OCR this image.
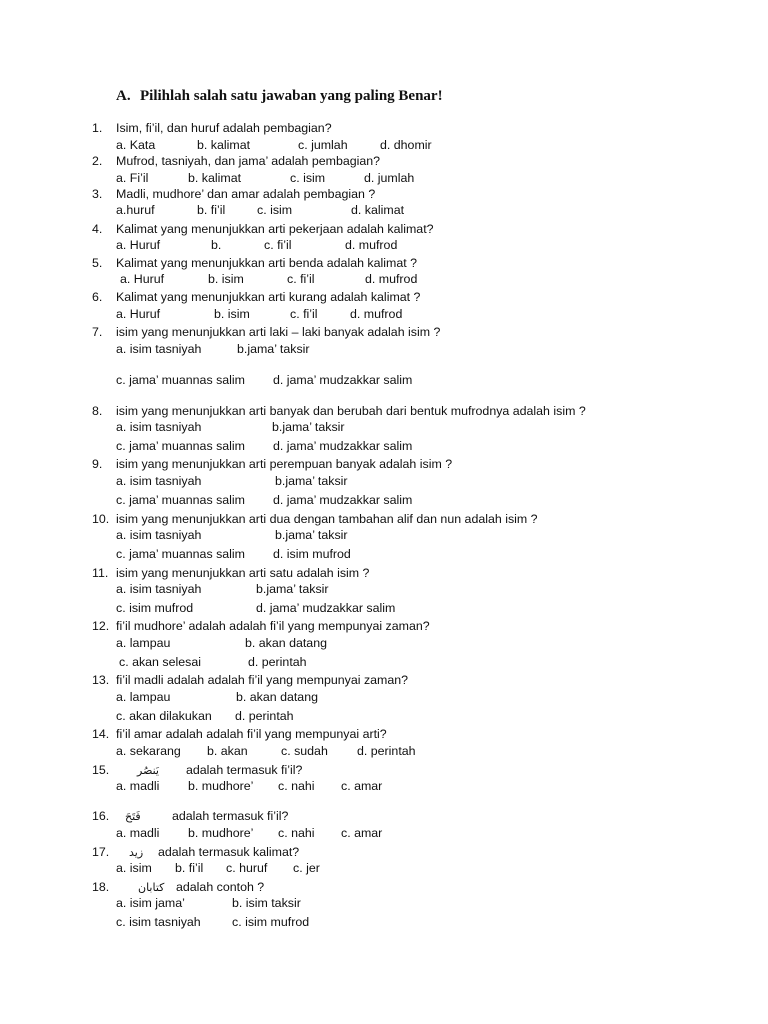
A. Pilihlah salah satu jawaban yang paling Benar!
1. Isim, fi’il, dan huruf adalah pembagian?
a. Kata	b. kalimat	c. jumlah	d. dhomir
2. Mufrod, tasniyah, dan jama’ adalah pembagian?
a. Fi’il	b. kalimat	c. isim	d. jumlah
3. Madli, mudhore’ dan amar adalah pembagian ?
a.huruf	b. fi’il	c. isim	d. kalimat
4. Kalimat yang menunjukkan arti pekerjaan adalah kalimat?
a. Huruf	b.	c. fi’il	d. mufrod
5. Kalimat yang menunjukkan arti benda adalah kalimat ?
a. Huruf	b. isim	c. fi’il	d. mufrod
6. Kalimat yang menunjukkan arti kurang adalah kalimat ?
a. Huruf	b. isim	c. fi’il	d. mufrod
7. isim yang menunjukkan arti laki – laki banyak adalah isim ?
a. isim tasniyah	b.jama’ taksir
c. jama’ muannas salim d. jama’ mudzakkar salim
8. isim yang menunjukkan arti banyak dan berubah dari bentuk mufrodnya adalah isim ?
a. isim tasniyah	b.jama’ taksir
c. jama’ muannas salim d. jama’ mudzakkar salim
9. isim yang menunjukkan arti perempuan banyak adalah isim ?
a. isim tasniyah	b.jama’ taksir
c. jama’ muannas salim d. jama’ mudzakkar salim
10. isim yang menunjukkan arti dua dengan tambahan alif dan nun adalah isim ?
a. isim tasniyah	b.jama’ taksir
c. jama’ muannas salim d. isim mufrod
11. isim yang menunjukkan arti satu adalah isim ?
a. isim tasniyah	b.jama’ taksir
c. isim mufrod	d. jama’ mudzakkar salim
12. fi’il mudhore’ adalah adalah fi’il yang mempunyai zaman?
a. lampau	b. akan datang
c. akan selesai	d. perintah
13. fi’il madli adalah adalah fi’il yang mempunyai zaman?
a. lampau	b. akan datang
c. akan dilakukan d. perintah
14. fi’il amar adalah adalah fi’il yang mempunyai arti?
a. sekarang b. akan	c. sudah d. perintah
15.	يَنصُر adalah termasuk fi’il?
a. madli b. mudhore’ c. nahi c. amar
16. فَتَحَ	adalah termasuk fi’il?
a. madli b. mudhore’ c. nahi c. amar
17. زيد adalah termasuk kalimat?
a. isim b. fi’il c. huruf c. jer
18.	كتابان adalah contoh ?
a. isim jama’	b. isim taksir
c. isim tasniyah	c. isim mufrod
